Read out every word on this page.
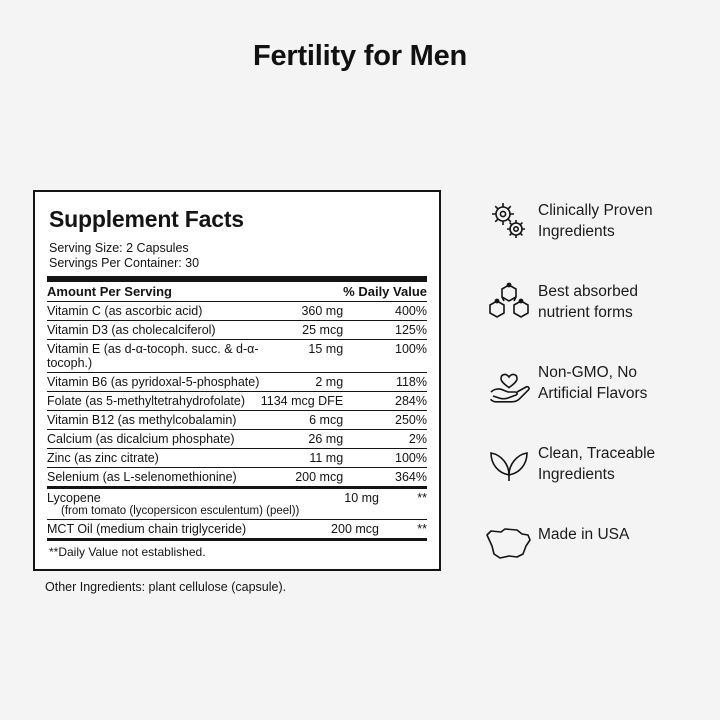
Fertility for Men
Supplement Facts
Serving Size: 2 Capsules
Servings Per Container: 30
Amount Per Serving		% Daily Value
Vitamin C (as ascorbic acid)	360 mg	400%
Vitamin D3 (as cholecalciferol)	25 mcg	125%
Vitamin E (as d-α-tocoph. succ. & d-α-tocoph.)	15 mg	100%
Vitamin B6 (as pyridoxal-5-phosphate)	2 mg	118%
Folate (as 5-methyltetrahydrofolate)	1134 mcg DFE	284%
Vitamin B12 (as methylcobalamin)	6 mcg	250%
Calcium (as dicalcium phosphate)	26 mg	2%
Zinc (as zinc citrate)	11 mg	100%
Selenium (as L-selenomethionine)	200 mcg	364%
Lycopene
(from tomato (lycopersicon esculentum) (peel))	10 mg	**
MCT Oil (medium chain triglyceride)	200 mcg	**
**Daily Value not established.
Other Ingredients: plant cellulose (capsule).
Clinically Proven
Ingredients
Best absorbed
nutrient forms
Non-GMO, No
Artificial Flavors
Clean, Traceable
Ingredients
Made in USA
